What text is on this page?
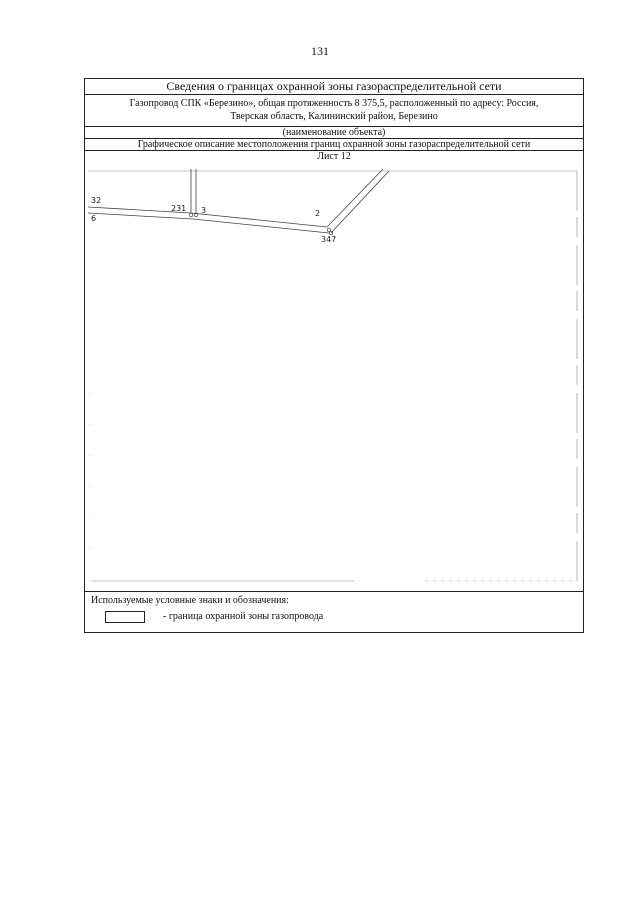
131
Сведения о границах охранной зоны газораспределительной сети
Газопровод СПК «Березино», общая протяженность 8 375,5, расположенный по адресу: Россия,
Тверская область, Калининский район, Березино
(наименование объекта)
Графическое описание местоположения границ охранной зоны газораспределительной сети
Лист 12
32
6
231 3	2
347
Используемые условные знаки и обозначения:
- граница охранной зоны газопровода
